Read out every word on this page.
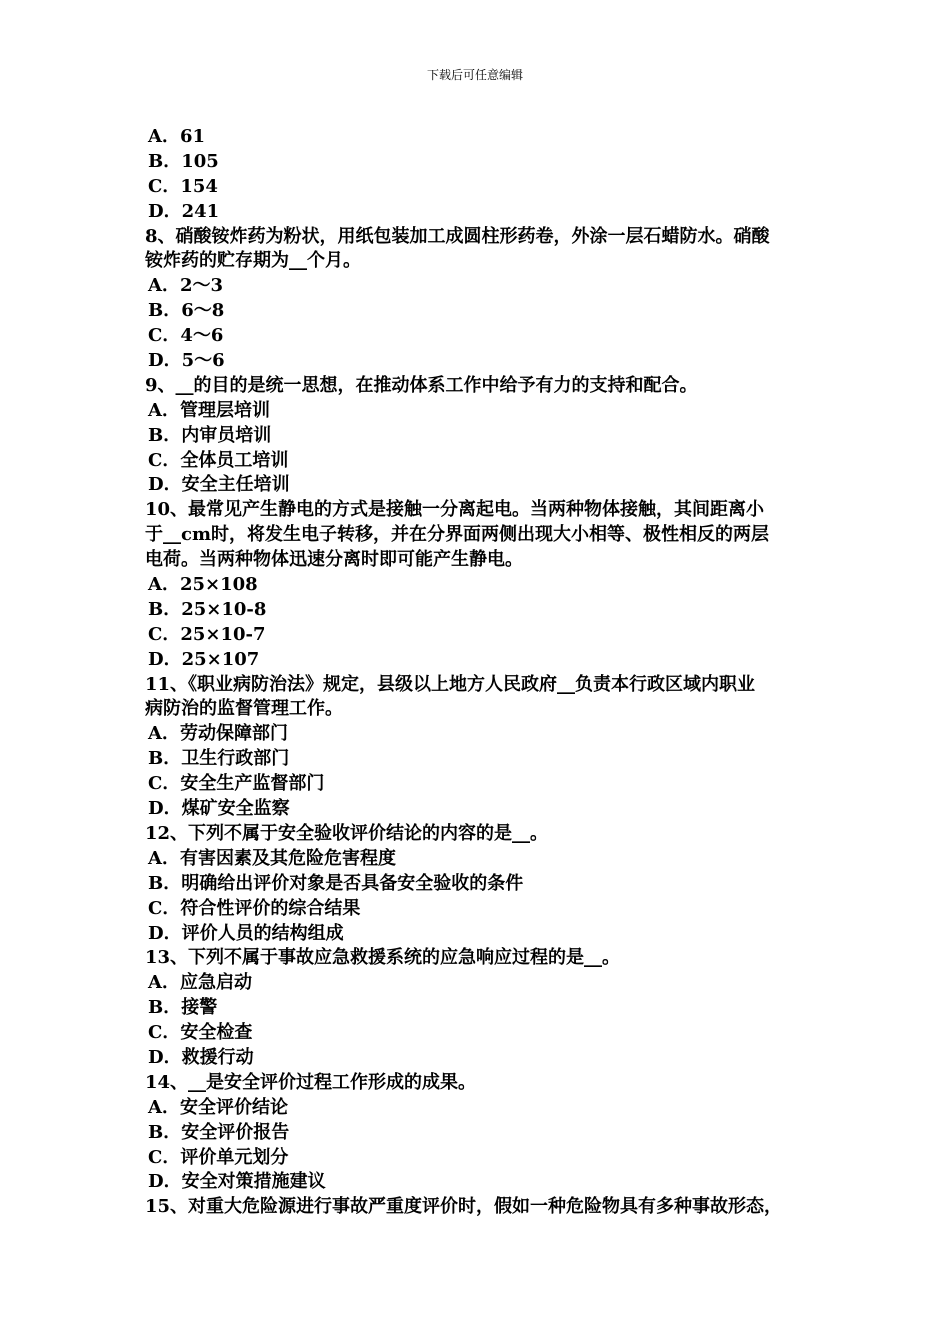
下载后可任意编辑
A．61
B．105
C．154
D．241
8、硝酸铵炸药为粉状，用纸包装加工成圆柱形药卷，外涂一层石蜡防水。硝酸
铵炸药的贮存期为__个月。
A．2～3
B．6～8
C．4～6
D．5～6
9、__的目的是统一思想，在推动体系工作中给予有力的支持和配合。
A．管理层培训
B．内审员培训
C．全体员工培训
D．安全主任培训
10、最常见产生静电的方式是接触一分离起电。当两种物体接触，其间距离小
于__cm时，将发生电子转移，并在分界面两侧出现大小相等、极性相反的两层
电荷。当两种物体迅速分离时即可能产生静电。
A．25×108
B．25×10-8
C．25×10-7
D．25×107
11、《职业病防治法》规定，县级以上地方人民政府__负责本行政区域内职业
病防治的监督管理工作。
A．劳动保障部门
B．卫生行政部门
C．安全生产监督部门
D．煤矿安全监察
12、下列不属于安全验收评价结论的内容的是__。
A．有害因素及其危险危害程度
B．明确给出评价对象是否具备安全验收的条件
C．符合性评价的综合结果
D．评价人员的结构组成
13、下列不属于事故应急救援系统的应急响应过程的是__。
A．应急启动
B．接警
C．安全检查
D．救援行动
14、__是安全评价过程工作形成的成果。
A．安全评价结论
B．安全评价报告
C．评价单元划分
D．安全对策措施建议
15、对重大危险源进行事故严重度评价时，假如一种危险物具有多种事故形态，
